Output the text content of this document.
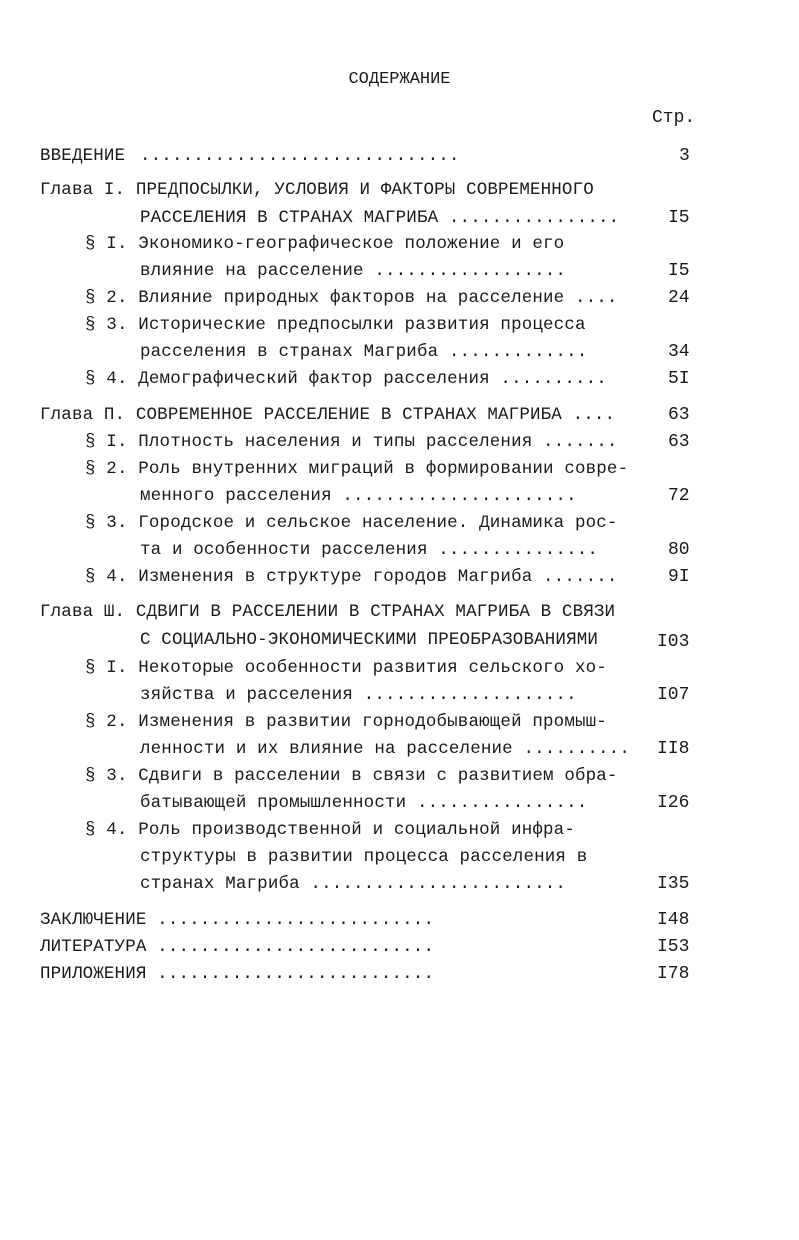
СОДЕРЖАНИЕ
Стр.
ВВЕДЕНИЕ ..............................	3
Глава I. ПРЕДПОСЫЛКИ, УСЛОВИЯ И ФАКТОРЫ СОВРЕМЕННОГО
РАССЕЛЕНИЯ В СТРАНАХ МАГРИБА ................	I5
§ I. Экономико-географическое положение и его
влияние на расселение ..................	I5
§ 2. Влияние природных факторов на расселение ....	24
§ 3. Исторические предпосылки развития процесса
расселения в странах Магриба .............	34
§ 4. Демографический фактор расселения ..........	5I
Глава П. СОВРЕМЕННОЕ РАССЕЛЕНИЕ В СТРАНАХ МАГРИБА ....	63
§ I. Плотность населения и типы расселения .......	63
§ 2. Роль внутренних миграций в формировании совре-
менного расселения ......................	72
§ 3. Городское и сельское население. Динамика рос-
та и особенности расселения ...............	80
§ 4. Изменения в структуре городов Магриба .......	9I
Глава Ш. СДВИГИ В РАССЕЛЕНИИ В СТРАНАХ МАГРИБА В СВЯЗИ
С СОЦИАЛЬНО-ЭКОНОМИЧЕСКИМИ ПРЕОБРАЗОВАНИЯМИ	I03
§ I. Некоторые особенности развития сельского хо-
зяйства и расселения ....................	I07
§ 2. Изменения в развитии горнодобывающей промыш-
ленности и их влияние на расселение .......... II8
§ 3. Сдвиги в расселении в связи с развитием обра-
батывающей промышленности ................	I26
§ 4. Роль производственной и социальной инфра-
структуры в развитии процесса расселения в
странах Магриба ........................	I35
ЗАКЛЮЧЕНИЕ ..........................	I48
ЛИТЕРАТУРА ..........................	I53
ПРИЛОЖЕНИЯ ..........................	I78
